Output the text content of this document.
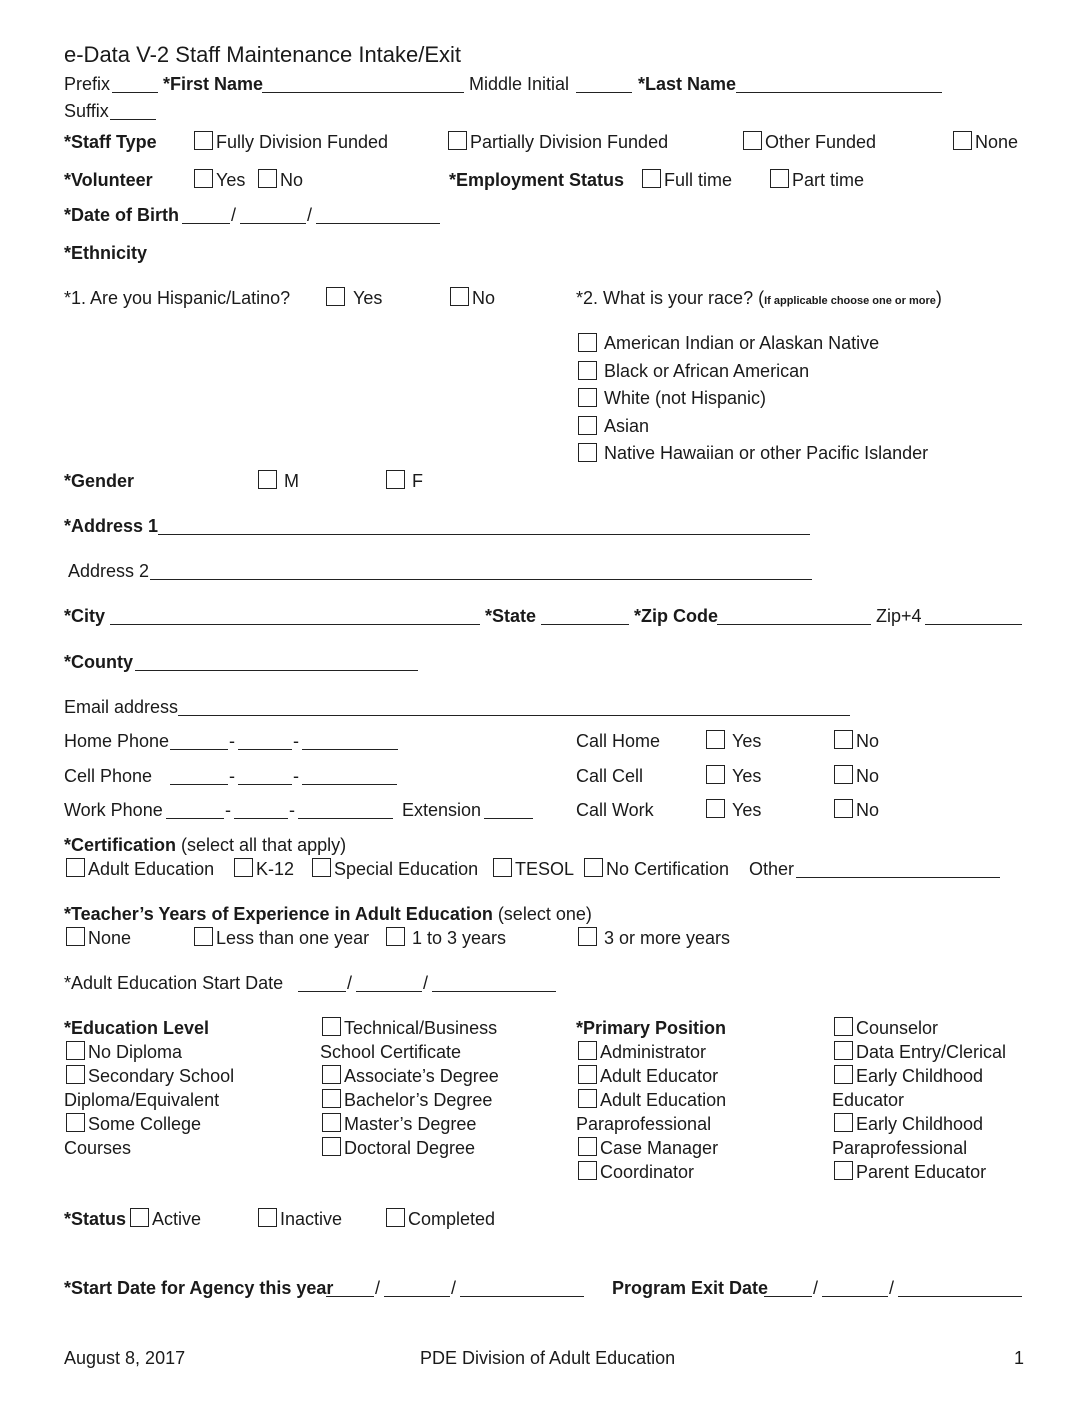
e-Data V-2 Staff Maintenance Intake/Exit
Prefix	*First Name	Middle Initial	*Last Name
Suffix
*Staff Type	Fully Division Funded	Partially Division Funded	Other Funded	None
*Volunteer	Yes No	*Employment Status Full time	Part time
*Date of Birth	/	/
*Ethnicity
*1. Are you Hispanic/Latino?	Yes	No	*2. What is your race? (If applicable choose one or more)
American Indian or Alaskan Native
Black or African American
White (not Hispanic)
Asian
Native Hawaiian or other Pacific Islander
*Gender	M	F
*Address 1
Address 2
*City	*State	*Zip Code	Zip+4
*County
Email address
Home Phone	-	-
Cell Phone	-	-
Work Phone	-	-	Extension
Call Home	Yes	No
Call Cell	Yes	No
Call Work	Yes	No
*Certification (select all that apply)
Adult Education K-12 Special Education TESOL No Certification Other
*Teacher’s Years of Experience in Adult Education (select one)
None	Less than one year 1 to 3 years	3 or more years
*Adult Education Start Date	/	/
*Education Level
No Diploma
Secondary School
Diploma/Equivalent
Some College
Courses
Technical/Business
School Certificate
Associate’s Degree
Bachelor’s Degree
Master’s Degree
Doctoral Degree
*Primary Position
Administrator
Adult Educator
Adult Education
Paraprofessional
Case Manager
Coordinator
Counselor
Data Entry/Clerical
Early Childhood
Educator
Early Childhood
Paraprofessional
Parent Educator
*Status Active	Inactive	Completed
*Start Date for Agency this year /	/	Program Exit Date /	/
August 8, 2017	PDE Division of Adult Education	1
